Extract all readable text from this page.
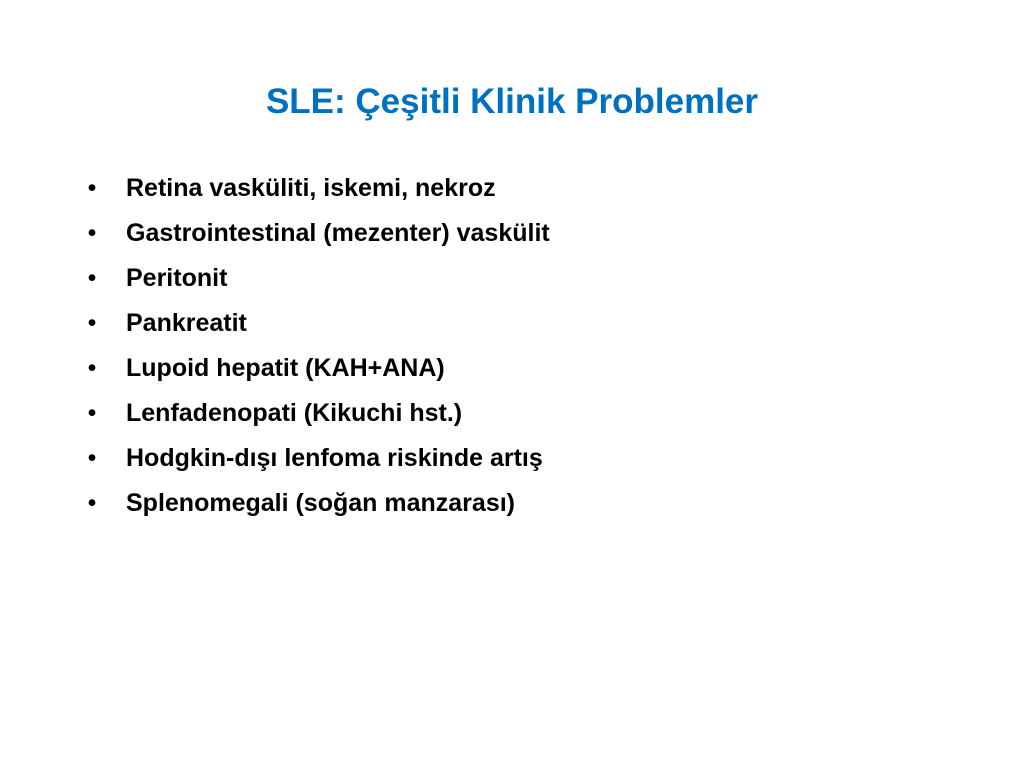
SLE: Çeşitli Klinik Problemler
• Retina vasküliti, iskemi, nekroz
• Gastrointestinal (mezenter) vaskülit
• Peritonit
• Pankreatit
• Lupoid hepatit (KAH+ANA)
• Lenfadenopati (Kikuchi hst.)
• Hodgkin-dışı lenfoma riskinde artış
• Splenomegali (soğan manzarası)
